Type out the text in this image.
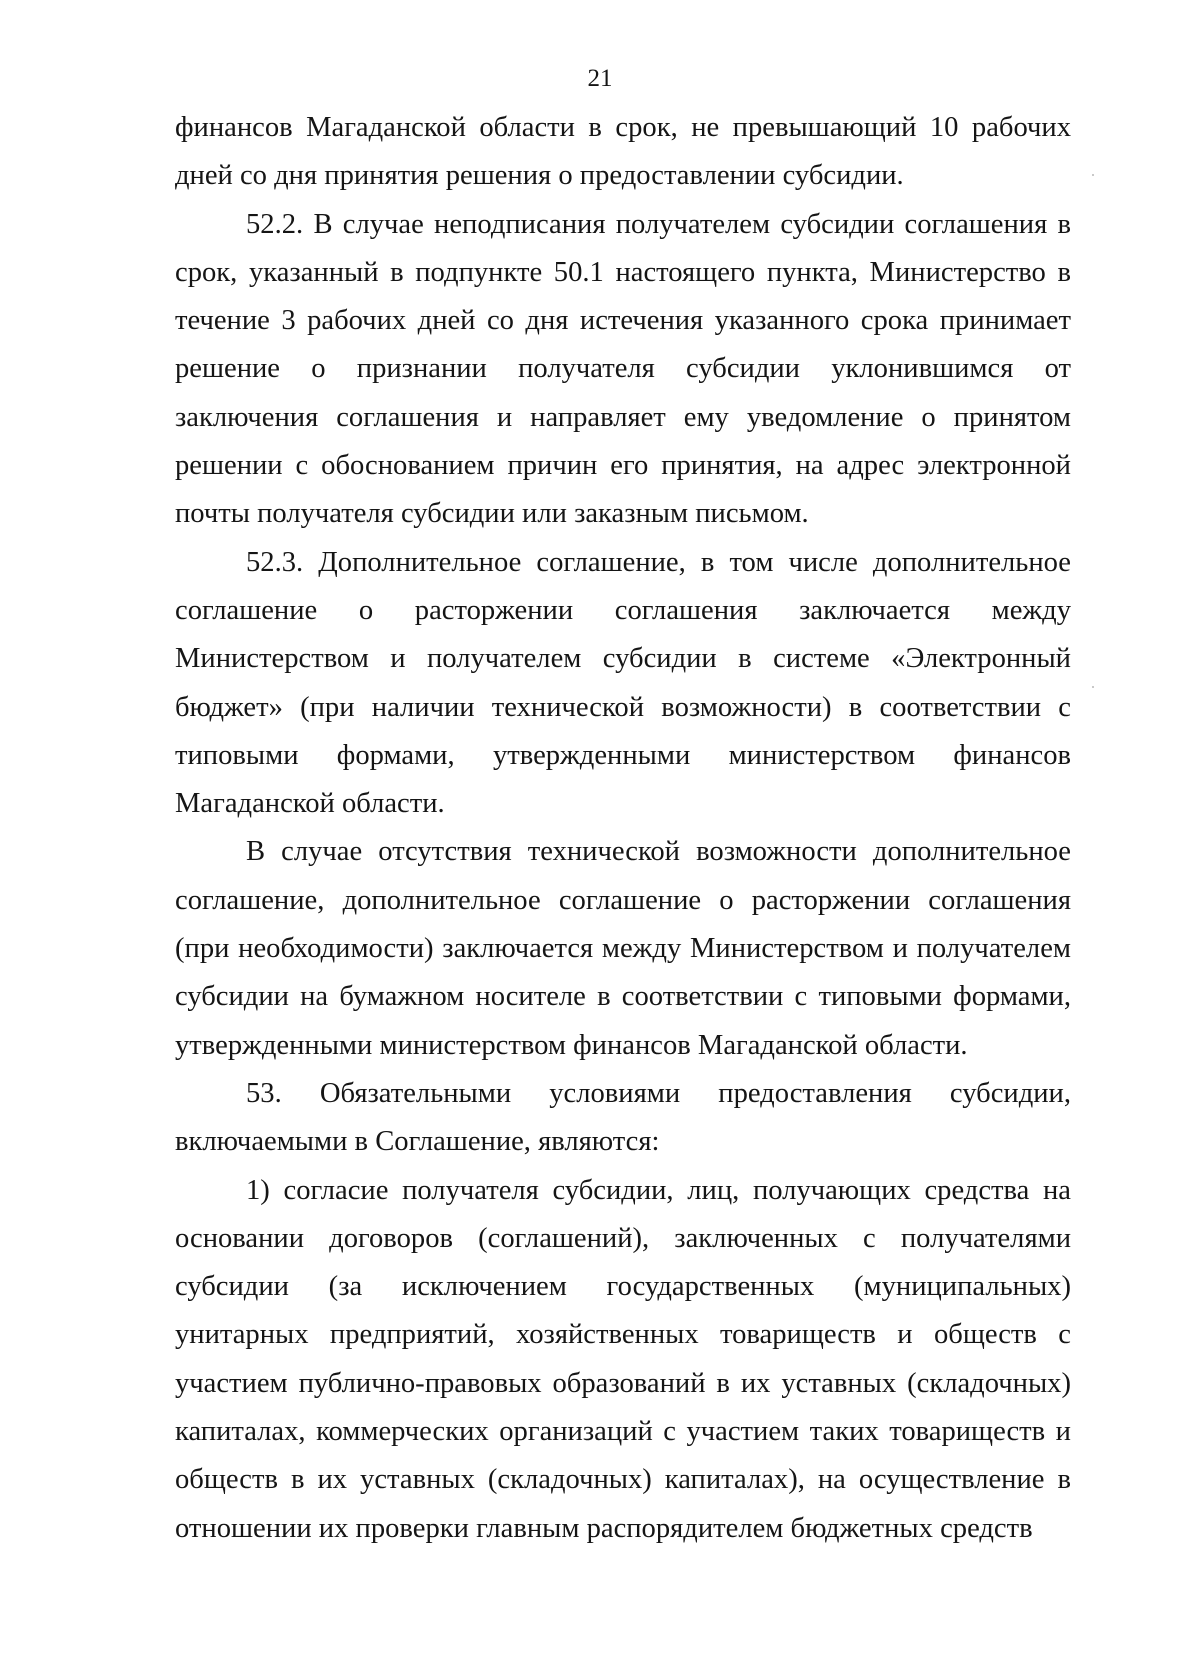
21

финансов Магаданской области в срок, не превышающий 10 рабочих дней со дня принятия решения о предоставлении субсидии.

52.2. В случае неподписания получателем субсидии соглашения в срок, указанный в подпункте 50.1 настоящего пункта, Министерство в течение 3 рабочих дней со дня истечения указанного срока принимает решение о признании получателя субсидии уклонившимся от заключения соглашения и направляет ему уведомление о принятом решении с обоснованием причин его принятия, на адрес электронной почты получателя субсидии или заказным письмом.

52.3. Дополнительное соглашение, в том числе дополнительное соглашение о расторжении соглашения заключается между Министерством и получателем субсидии в системе «Электронный бюджет» (при наличии технической возможности) в соответствии с типовыми формами, утвержденными министерством финансов Магаданской области.

В случае отсутствия технической возможности дополнительное соглашение, дополнительное соглашение о расторжении соглашения (при необходимости) заключается между Министерством и получателем субсидии на бумажном носителе в соответствии с типовыми формами, утвержденными министерством финансов Магаданской области.

53. Обязательными условиями предоставления субсидии, включаемыми в Соглашение, являются:

1) согласие получателя субсидии, лиц, получающих средства на основании договоров (соглашений), заключенных с получателями субсидии (за исключением государственных (муниципальных) унитарных предприятий, хозяйственных товариществ и обществ с участием публично-правовых образований в их уставных (складочных) капиталах, коммерческих организаций с участием таких товариществ и обществ в их уставных (складочных) капиталах), на осуществление в отношении их проверки главным распорядителем бюджетных средств
